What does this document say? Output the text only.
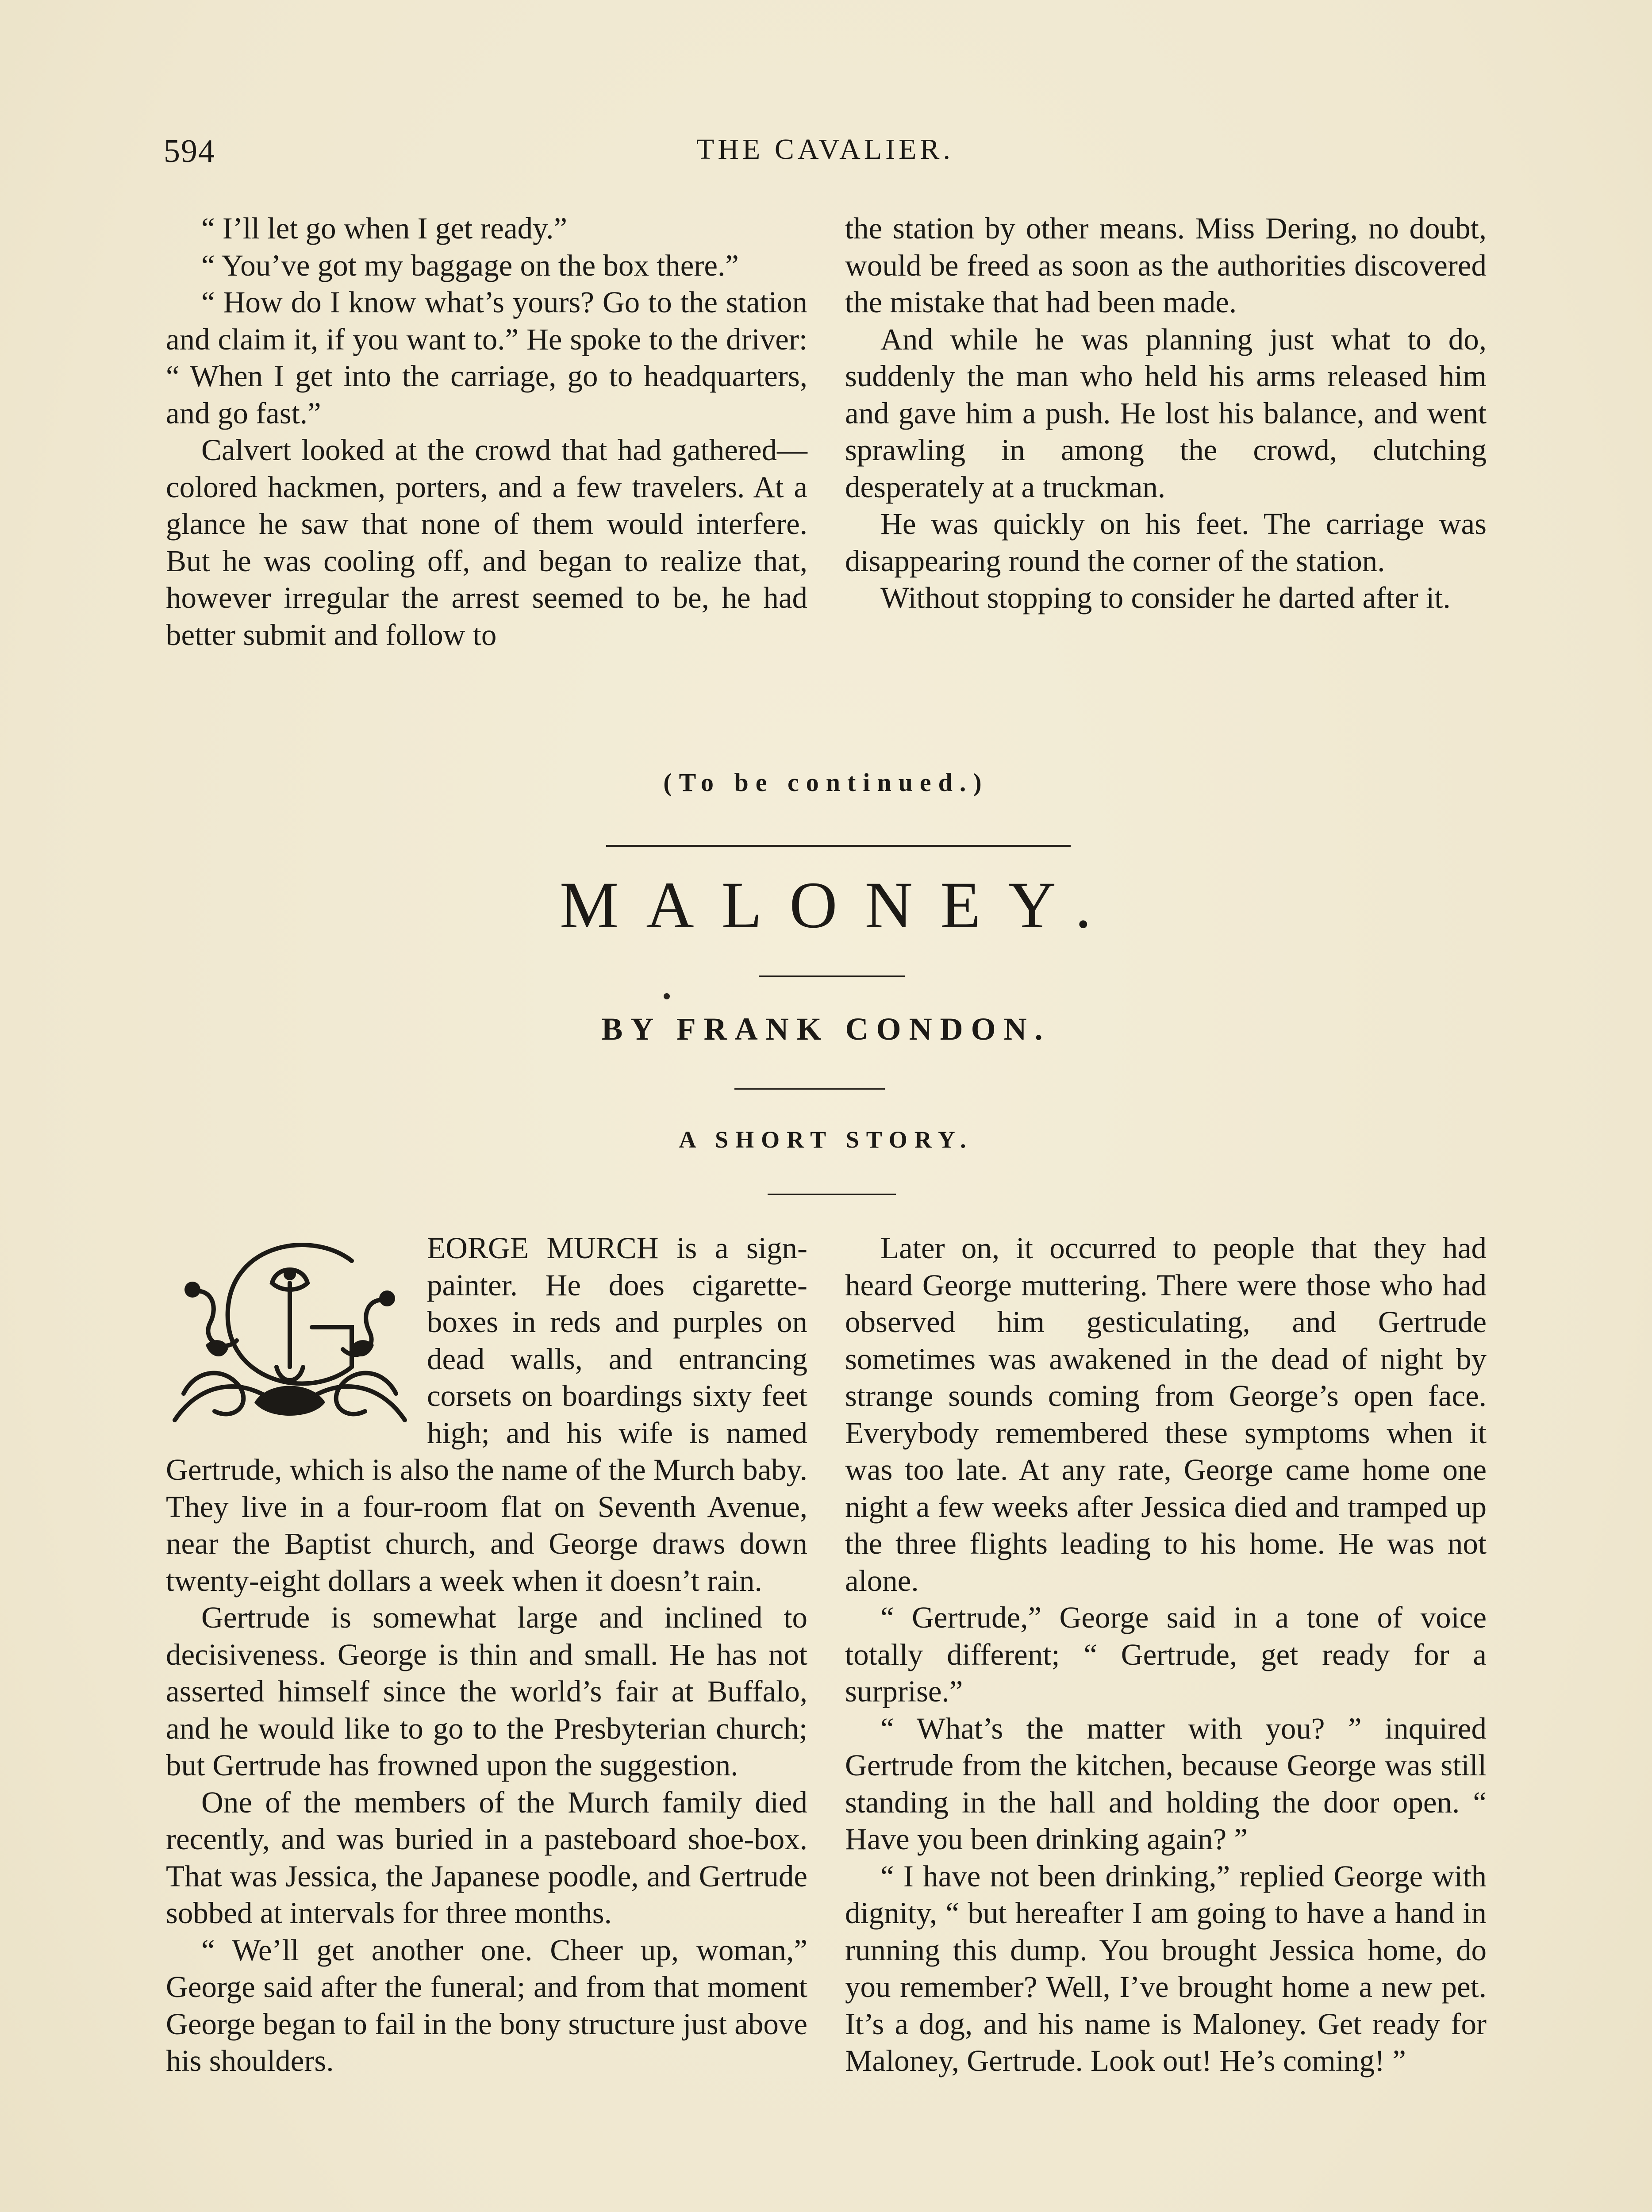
594	THE CAVALIER.

“ I’ll let go when I get ready.”

“ You’ve got my baggage on the box there.”

“ How do I know what’s yours? Go to the station and claim it, if you want to.” He spoke to the driver: “ When I get into the carriage, go to headquarters, and go fast.”

Calvert looked at the crowd that had gathered—colored hackmen, porters, and a few travelers. At a glance he saw that none of them would interfere. But he was cooling off, and began to realize that, however irregular the arrest seemed to be, he had better submit and follow to

the station by other means. Miss Dering, no doubt, would be freed as soon as the authorities discovered the mistake that had been made.

And while he was planning just what to do, suddenly the man who held his arms released him and gave him a push. He lost his balance, and went sprawling in among the crowd, clutching desperately at a truckman.

He was quickly on his feet. The carriage was disappearing round the corner of the station.

Without stopping to consider he darted after it.

(To be continued.)
MALONEY.
BY FRANK CONDON.
A SHORT STORY.

EORGE MURCH is a sign-painter. He does cigarette-boxes in reds and purples on dead walls, and entrancing corsets on boardings sixty feet high; and his wife is named Gertrude, which is also the name of the Murch baby. They live in a four-room flat on Seventh Avenue, near the Baptist church, and George draws down twenty-eight dollars a week when it doesn’t rain.

Gertrude is somewhat large and inclined to decisiveness. George is thin and small. He has not asserted himself since the world’s fair at Buffalo, and he would like to go to the Presbyterian church; but Gertrude has frowned upon the suggestion.

One of the members of the Murch family died recently, and was buried in a pasteboard shoe-box. That was Jessica, the Japanese poodle, and Gertrude sobbed at intervals for three months.

“ We’ll get another one. Cheer up, woman,” George said after the funeral; and from that moment George began to fail in the bony structure just above his shoulders.

Later on, it occurred to people that they had heard George muttering. There were those who had observed him gesticulating, and Gertrude sometimes was awakened in the dead of night by strange sounds coming from George’s open face. Everybody remembered these symptoms when it was too late. At any rate, George came home one night a few weeks after Jessica died and tramped up the three flights leading to his home. He was not alone.

“ Gertrude,” George said in a tone of voice totally different; “ Gertrude, get ready for a surprise.”

“ What’s the matter with you? ” inquired Gertrude from the kitchen, because George was still standing in the hall and holding the door open. “ Have you been drinking again? ”

“ I have not been drinking,” replied George with dignity, “ but hereafter I am going to have a hand in running this dump. You brought Jessica home, do you remember? Well, I’ve brought home a new pet. It’s a dog, and his name is Maloney. Get ready for Maloney, Gertrude. Look out! He’s coming! ”
